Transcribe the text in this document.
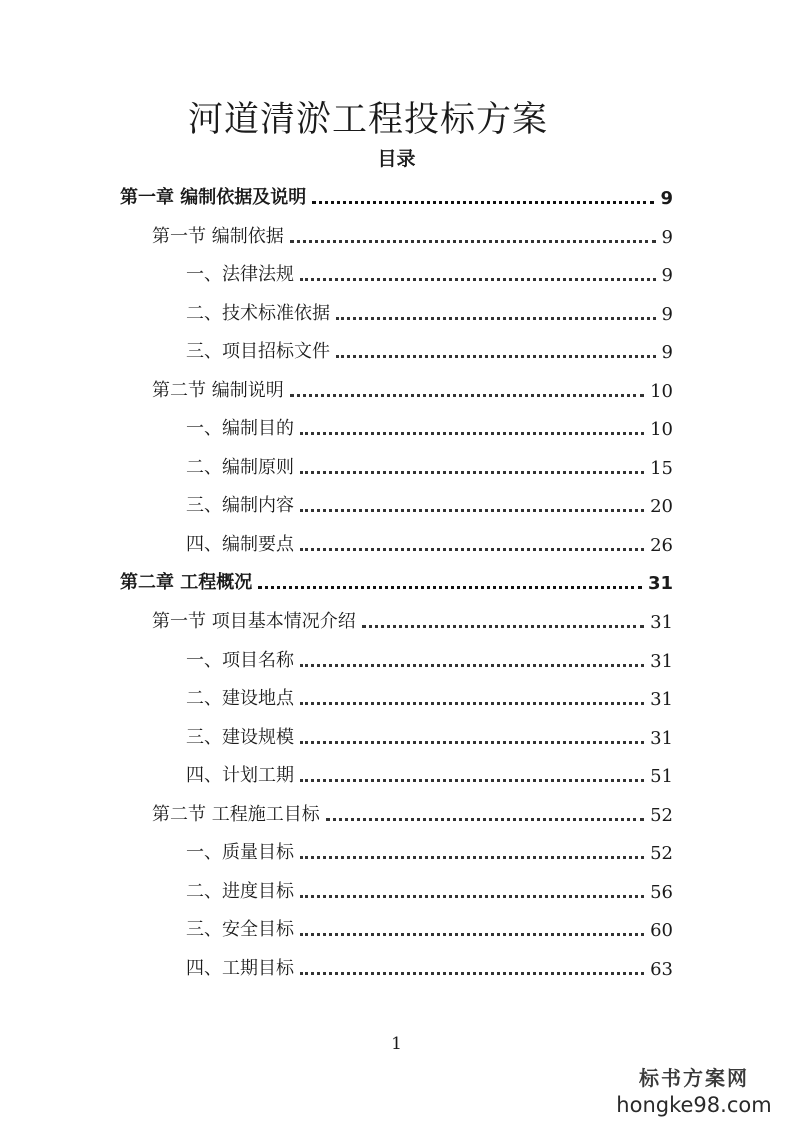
河道清淤工程投标方案
目录
第一章 编制依据及说明	9
第一节 编制依据	9
一、法律法规	9
二、技术标准依据	9
三、项目招标文件	9
第二节 编制说明	10
一、编制目的	10
二、编制原则	15
三、编制内容	20
四、编制要点	26
第二章 工程概况	31
第一节 项目基本情况介绍	31
一、项目名称	31
二、建设地点	31
三、建设规模	31
四、计划工期	51
第二节 工程施工目标	52
一、质量目标	52
二、进度目标	56
三、安全目标	60
四、工期目标	63
1
标书方案网
hongke98.com
